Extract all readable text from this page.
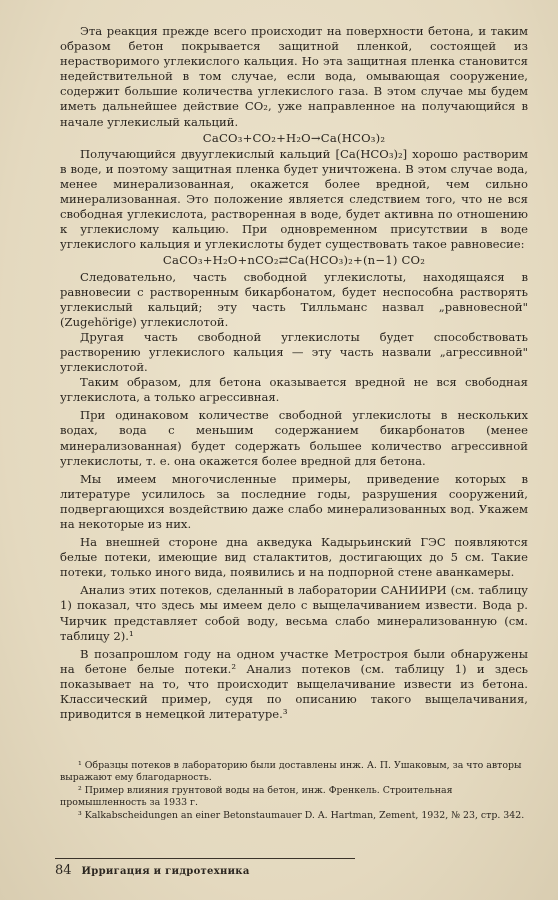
Эта реакция прежде всего происходит на поверхности бетона, и таким образом бетон покрывается защитной пленкой, состоящей из нерастворимого углекислого кальция. Но эта защитная пленка становится недействительной в том случае, если вода, омывающая сооружение, содержит большие количества углекислого газа. В этом случае мы будем иметь дальнейшее действие CO₂, уже направленное на получающийся в начале углекислый кальций.

CaCO₃+CO₂+H₂O→Ca(HCO₃)₂

Получающийся двууглекислый кальций [Ca(HCO₃)₂] хорошо растворим в воде, и поэтому защитная пленка будет уничтожена. В этом случае вода, менее минерализованная, окажется более вредной, чем сильно минерализованная. Это положение является следствием того, что не вся свободная углекислота, растворенная в воде, будет активна по отношению к углекислому кальцию. При одновременном присутствии в воде углекислого кальция и углекислоты будет существовать такое равновесие:

CaCO₃+H₂O+nCO₂⇄Ca(HCO₃)₂+(n−1) CO₂

Следовательно, часть свободной углекислоты, находящаяся в равновесии с растворенным бикарбонатом, будет неспособна растворять углекислый кальций; эту часть Тилльманс назвал „равновесной" (Zugehörige) углекислотой.

Другая часть свободной углекислоты будет способствовать растворению углекислого кальция — эту часть назвали „агрессивной" углекислотой.

Таким образом, для бетона оказывается вредной не вся свободная углекислота, а только агрессивная.

При одинаковом количестве свободной углекислоты в нескольких водах, вода с меньшим содержанием бикарбонатов (менее минерализованная) будет содержать большее количество агрессивной углекислоты, т. е. она окажется более вредной для бетона.

Мы имеем многочисленные примеры, приведение которых в литературе усилилось за последние годы, разрушения сооружений, подвергающихся воздействию даже слабо минерализованных вод. Укажем на некоторые из них.

На внешней стороне дна акведука Кадырьинский ГЭС появляются белые потеки, имеющие вид сталактитов, достигающих до 5 см. Такие потеки, только иного вида, появились и на подпорной стене аванкамеры.

Анализ этих потеков, сделанный в лаборатории САНИИРИ (см. таблицу 1) показал, что здесь мы имеем дело с выщелачиванием извести. Вода р. Чирчик представляет собой воду, весьма слабо минерализованную (см. таблицу 2).¹

В позапрошлом году на одном участке Метростроя были обнаружены на бетоне белые потеки.² Анализ потеков (см. таблицу 1) и здесь показывает на то, что происходит выщелачивание извести из бетона. Классический пример, судя по описанию такого выщелачивания, приводится в немецкой литературе.³

¹ Образцы потеков в лабораторию были доставлены инж. А. П. Ушаковым, за что авторы выражают ему благодарность.

² Пример влияния грунтовой воды на бетон, инж. Френкель. Строительная промышленность за 1933 г.

³ Kalkabscheidungen an einer Betonstaumauer D. A. Hartman, Zement, 1932, № 23, стр. 342.

84 Ирригация и гидротехника
